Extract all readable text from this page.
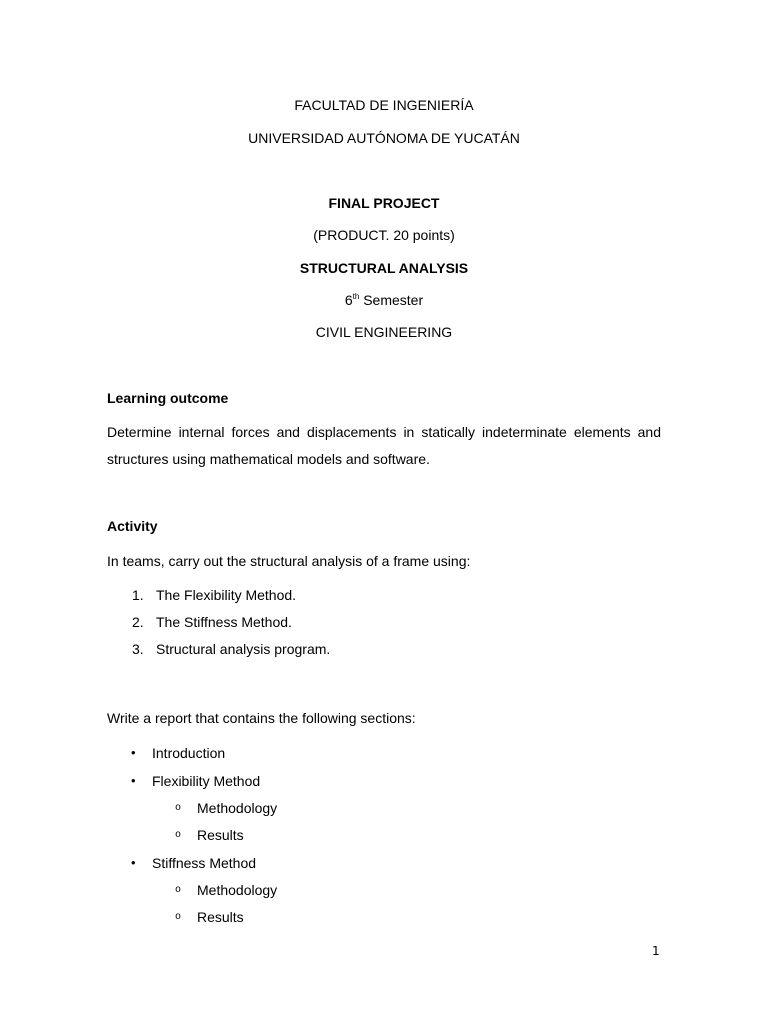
FACULTAD DE INGENIERÍA
UNIVERSIDAD AUTÓNOMA DE YUCATÁN
FINAL PROJECT
(PRODUCT. 20 points)
STRUCTURAL ANALYSIS
6th Semester
CIVIL ENGINEERING
Learning outcome
Determine internal forces and displacements in statically indeterminate elements and structures using mathematical models and software.
Activity
In teams, carry out the structural analysis of a frame using:
1. The Flexibility Method.
2. The Stiffness Method.
3. Structural analysis program.
Write a report that contains the following sections:
• Introduction
• Flexibility Method
o Methodology
o Results
• Stiffness Method
o Methodology
o Results
1
